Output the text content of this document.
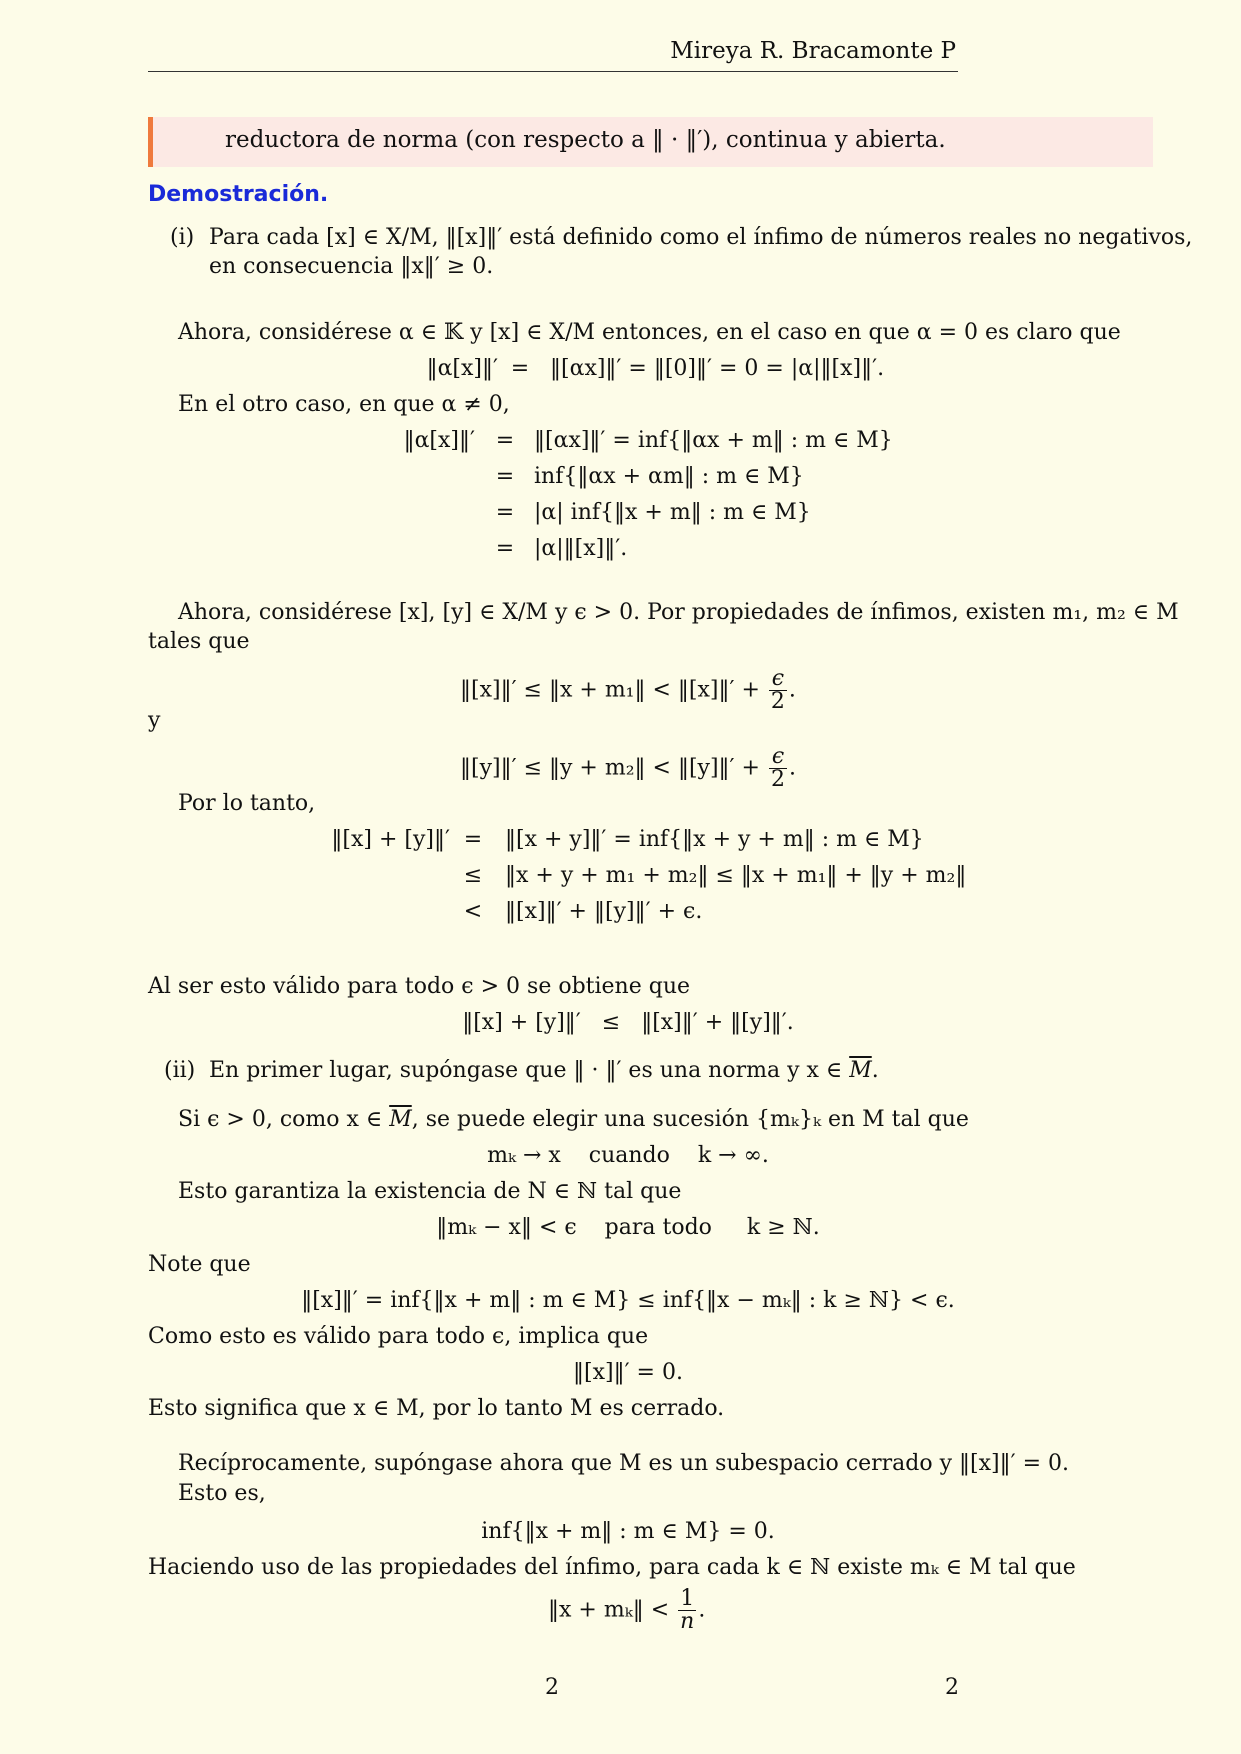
Mireya R. Bracamonte P
reductora de norma (con respecto a ‖ · ‖′), continua y abierta.
Demostración.
(i) Para cada [x] ∈ X/M, ‖[x]‖′ está definido como el ínfimo de números reales no negativos,
en consecuencia ‖x‖′ ≥ 0.
Ahora, considérese α ∈ 𝕂 y [x] ∈ X/M entonces, en el caso en que α = 0 es claro que
‖α[x]‖′ = ‖[αx]‖′ = ‖[0]‖′ = 0 = |α|‖[x]‖′.
En el otro caso, en que α ≠ 0,
‖α[x]‖′ = ‖[αx]‖′ = inf{‖αx + m‖ : m ∈ M}
= inf{‖αx + αm‖ : m ∈ M}
= |α| inf{‖x + m‖ : m ∈ M}
= |α|‖[x]‖′.
Ahora, considérese [x], [y] ∈ X/M y ϵ > 0. Por propiedades de ínfimos, existen m₁, m₂ ∈ M
tales que
‖[x]‖′ ≤ ‖x + m₁‖ < ‖[x]‖′ + $\frac{\epsilon}{2}$ .
y
‖[y]‖′ ≤ ‖y + m₂‖ < ‖[y]‖′ + $\frac{\epsilon}{2}$ .
Por lo tanto,
‖[x] + [y]‖′ = ‖[x + y]‖′ = inf{‖x + y + m‖ : m ∈ M}
≤ ‖x + y + m₁ + m₂‖ ≤ ‖x + m₁‖ + ‖y + m₂‖
< ‖[x]‖′ + ‖[y]‖′ + ϵ.
Al ser esto válido para todo ϵ > 0 se obtiene que
‖[x] + [y]‖′   ≤   ‖[x]‖′ + ‖[y]‖′.
(ii) En primer lugar, supóngase que ‖ · ‖′ es una norma y x ∈ $\overline{M}$.
Si ϵ > 0, como x ∈ $\overline{M}$, se puede elegir una sucesión {mₖ}ₖ en M tal que
mₖ → x    cuando    k → ∞.
Esto garantiza la existencia de N ∈ ℕ tal que
‖mₖ − x‖ < ϵ    para todo     k ≥ ℕ.
Note que
‖[x]‖′ = inf{‖x + m‖ : m ∈ M} ≤ inf{‖x − mₖ‖ : k ≥ ℕ} < ϵ.
Como esto es válido para todo ϵ, implica que
‖[x]‖′ = 0.
Esto significa que x ∈ M, por lo tanto M es cerrado.
Recíprocamente, supóngase ahora que M es un subespacio cerrado y ‖[x]‖′ = 0.
Esto es,
inf{‖x + m‖ : m ∈ M} = 0.
Haciendo uso de las propiedades del ínfimo, para cada k ∈ ℕ existe mₖ ∈ M tal que
‖x + mₖ‖ < $\frac{1}{n}$ .
2	2
